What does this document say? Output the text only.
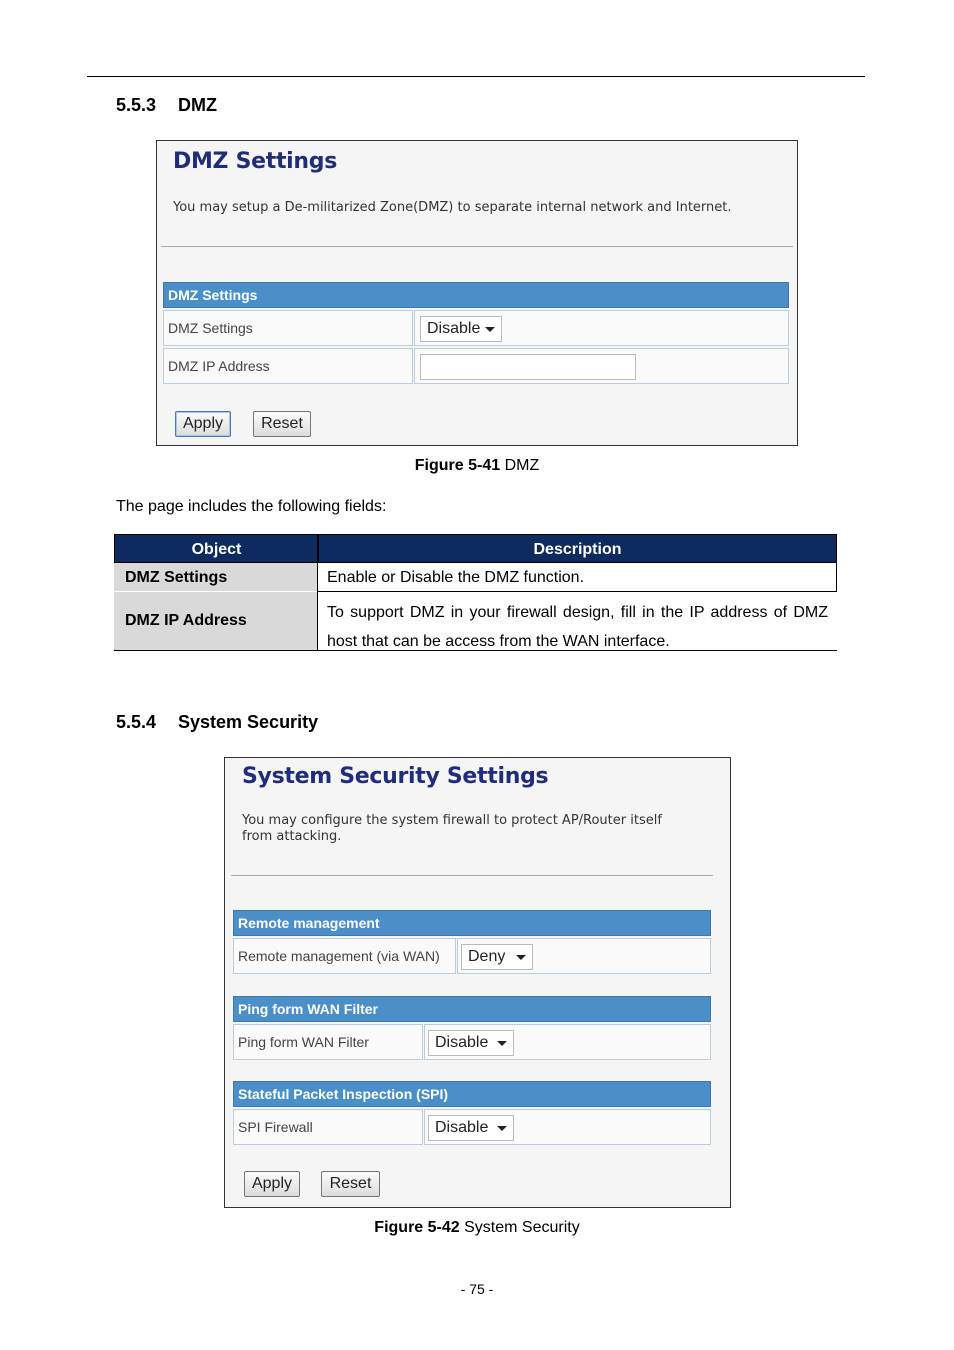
5.5.3 DMZ
DMZ Settings
You may setup a De-militarized Zone(DMZ) to separate internal network and Internet.
DMZ Settings
DMZ Settings	Disable
DMZ IP Address
Apply	Reset
Figure 5-41 DMZ
The page includes the following fields:
Object	Description
DMZ Settings	Enable or Disable the DMZ function.
DMZ IP Address	To support DMZ in your firewall design, fill in the IP address of DMZ
host that can be access from the WAN interface.
5.5.4 System Security
System Security Settings
You may configure the system firewall to protect AP/Router itself
from attacking.
Remote management
Remote management (via WAN)	Deny
Ping form WAN Filter
Ping form WAN Filter	Disable
Stateful Packet Inspection (SPI)
SPI Firewall	Disable
Apply	Reset
Figure 5-42 System Security
- 75 -
